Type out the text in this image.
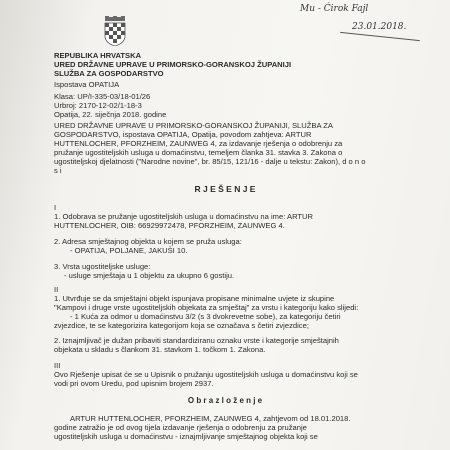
Mu - Ćirok Fajl
23.01.2018.
REPUBLIKA HRVATSKA
URED DRŽAVNE UPRAVE U PRIMORSKO-GORANSKOJ ŽUPANIJI
SLUŽBA ZA GOSPODARSTVO
Ispostava OPATIJA
Klasa: UP/I-335-03/18-01/26
Urbroj: 2170-12-02/1-18-3
Opatija, 22. siječnja 2018. godine
URED DRŽAVNE UPRAVE U PRIMORSKO-GORANSKOJ ŽUPANIJI, SLUŽBA ZA
GOSPODARSTVO, ispostava OPATIJA, Opatija, povodom zahtjeva: ARTUR
HUTTENLOCHER, PFORZHEIM, ZAUNWEG 4, za izdavanje rješenja o odobrenju za
pružanje ugostiteljskih usluga u domaćinstvu, temeljem članka 31. stavka 3. Zakona o
ugostiteljskoj djelatnosti ("Narodne novine", br. 85/15, 121/16 - dalje u tekstu: Zakon), d o n o
s i
R J E Š E N J E
I
1. Odobrava se pružanje ugostiteljskih usluga u domaćinstvu na ime: ARTUR
HUTTENLOCHER, OIB: 66929972478, PFORZHEIM, ZAUNWEG 4.
2. Adresa smještajnog objekta u kojem se pruža usluga:
- OPATIJA, POLJANE, JAKUŠI 10.
3. Vrsta ugostiteljske usluge:
- usluge smještaja u 1 objektu za ukupno 6 gostiju.
II
1. Utvrđuje se da smještajni objekt ispunjava propisane minimalne uvjete iz skupine
"Kampovi i druge vrste ugostiteljskih objekata za smještaj" za vrstu i kategoriju kako slijedi:
- 1 Kuća za odmor u domaćinstvu 3/2 (s 3 dvokrevetne sobe), za kategoriju četiri
zvjezdice, te se kategorizira kategorijom koja se označava s četiri zvjezdice;
2. Iznajmljivač je dužan pribaviti standardiziranu oznaku vrste i kategorije smještajnih
objekata u skladu s člankom 31. stavkom 1. točkom 1. Zakona.
III
Ovo Rješenje upisat će se u Upisnik o pružanju ugostiteljskih usluga u domaćinstvu koji se
vodi pri ovom Uredu, pod upisnim brojem 2937.
O b r a z l o ž e n j e
ARTUR HUTTENLOCHER, PFORZHEIM, ZAUNWEG 4, zahtjevom od 18.01.2018.
godine zatražio je od ovog tijela izdavanje rješenja o odobrenju za pružanje
ugostiteljskih usluga u domaćinstvu - iznajmljivanje smještajnog objekta koji se
